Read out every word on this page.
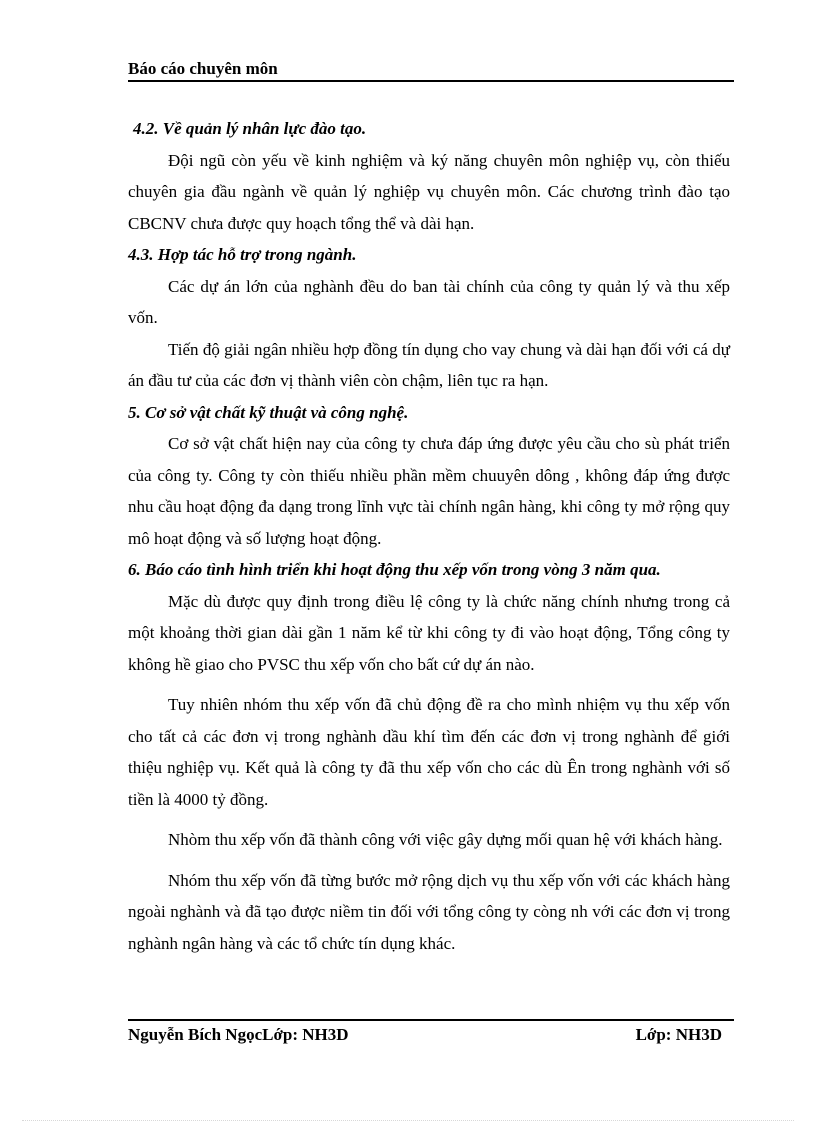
Báo cáo chuyên môn
4.2. Về quản lý nhân lực đào tạo.

Đội ngũ còn yếu về kinh nghiệm và ký năng chuyên môn nghiệp vụ, còn thiếu chuyên gia đầu ngành về quản lý nghiệp vụ chuyên môn. Các chương trình đào tạo CBCNV chưa được quy hoạch tổng thể và dài hạn.

4.3. Hợp tác hỗ trợ trong ngành.

Các dự án lớn của nghành đều do ban tài chính của công ty quản lý và thu xếp vốn.

Tiến độ giải ngân nhiều hợp đồng tín dụng cho vay chung và dài hạn đối với cá dự án đầu tư của các đơn vị thành viên còn chậm, liên tục ra hạn.

5. Cơ sở vật chất kỹ thuật và công nghệ.

Cơ sở vật chất hiện nay của công ty chưa đáp ứng được yêu cầu cho sù phát triển của công ty. Công ty còn thiếu nhiều phần mềm chuuyên dông , không đáp ứng được nhu cầu hoạt động đa dạng trong lĩnh vực tài chính ngân hàng, khi công ty mở rộng quy mô hoạt động và số lượng hoạt động.

6. Báo cáo tình hình triển khi hoạt động thu xếp vốn trong vòng 3 năm qua.

Mặc dù được quy định trong điều lệ công ty là chức năng chính nhưng trong cả một khoảng thời gian dài gần 1 năm kể từ khi công ty đi vào hoạt động, Tổng công ty không hề giao cho PVSC thu xếp vốn cho bất cứ dự án nào.

Tuy nhiên nhóm thu xếp vốn đã chủ động đề ra cho mình nhiệm vụ thu xếp vốn cho tất cả các đơn vị trong nghành dầu khí tìm đến các đơn vị trong nghành để giới thiệu nghiệp vụ. Kết quả là công ty đã thu xếp vốn cho các dù Ên trong nghành với số tiền là 4000 tỷ đồng.

Nhòm thu xếp vốn đã thành công với việc gây dựng mối quan hệ với khách hàng.

Nhóm thu xếp vốn đã từng bước mở rộng dịch vụ thu xếp vốn với các khách hàng ngoài nghành và đã tạo được niềm tin đối với tổng công ty còng nh với các đơn vị trong nghành ngân hàng và các tổ chức tín dụng khác.

Nguyễn Bích NgọcLớp: NH3D	Lớp: NH3D
